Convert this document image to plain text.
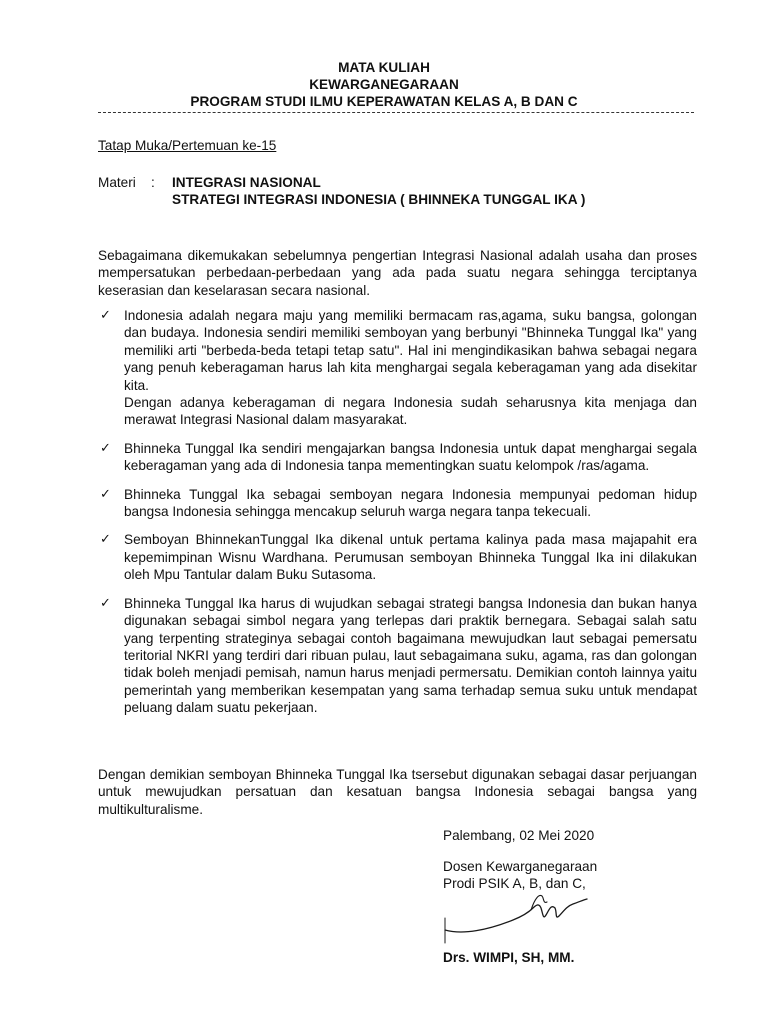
MATA KULIAH
KEWARGANEGARAAN
PROGRAM STUDI ILMU KEPERAWATAN KELAS A, B DAN C
Tatap Muka/Pertemuan ke-15
Materi : INTEGRASI NASIONAL
STRATEGI INTEGRASI INDONESIA ( BHINNEKA TUNGGAL IKA )
Sebagaimana dikemukakan sebelumnya pengertian Integrasi Nasional adalah usaha dan proses mempersatukan perbedaan-perbedaan yang ada pada suatu negara sehingga terciptanya keserasian dan keselarasan secara nasional.
✓ Indonesia adalah negara maju yang memiliki bermacam ras,agama, suku bangsa, golongan dan budaya. Indonesia sendiri memiliki semboyan yang berbunyi "Bhinneka Tunggal Ika" yang memiliki arti "berbeda-beda tetapi tetap satu". Hal ini mengindikasikan bahwa sebagai negara yang penuh keberagaman harus lah kita menghargai segala keberagaman yang ada disekitar kita.

Dengan adanya keberagaman di negara Indonesia sudah seharusnya kita menjaga dan merawat Integrasi Nasional dalam masyarakat.

✓ Bhinneka Tunggal Ika sendiri mengajarkan bangsa Indonesia untuk dapat menghargai segala keberagaman yang ada di Indonesia tanpa mementingkan suatu kelompok /ras/agama.

✓ Bhinneka Tunggal Ika sebagai semboyan negara Indonesia mempunyai pedoman hidup bangsa Indonesia sehingga mencakup seluruh warga negara tanpa tekecuali.

✓ Semboyan BhinnekanTunggal Ika dikenal untuk pertama kalinya pada masa majapahit era kepemimpinan Wisnu Wardhana. Perumusan semboyan Bhinneka Tunggal Ika ini dilakukan oleh Mpu Tantular dalam Buku Sutasoma.

✓ Bhinneka Tunggal Ika harus di wujudkan sebagai strategi bangsa Indonesia dan bukan hanya digunakan sebagai simbol negara yang terlepas dari praktik bernegara. Sebagai salah satu yang terpenting strateginya sebagai contoh bagaimana mewujudkan laut sebagai pemersatu teritorial NKRI yang terdiri dari ribuan pulau, laut sebagaimana suku, agama, ras dan golongan tidak boleh menjadi pemisah, namun harus menjadi permersatu. Demikian contoh lainnya yaitu pemerintah yang memberikan kesempatan yang sama terhadap semua suku untuk mendapat peluang dalam suatu pekerjaan.

Dengan demikian semboyan Bhinneka Tunggal Ika tsersebut digunakan sebagai dasar perjuangan untuk mewujudkan persatuan dan kesatuan bangsa Indonesia sebagai bangsa yang multikulturalisme.
Palembang, 02 Mei 2020
Dosen Kewarganegaraan
Prodi PSIK A, B, dan C,
Drs. WIMPI, SH, MM.
